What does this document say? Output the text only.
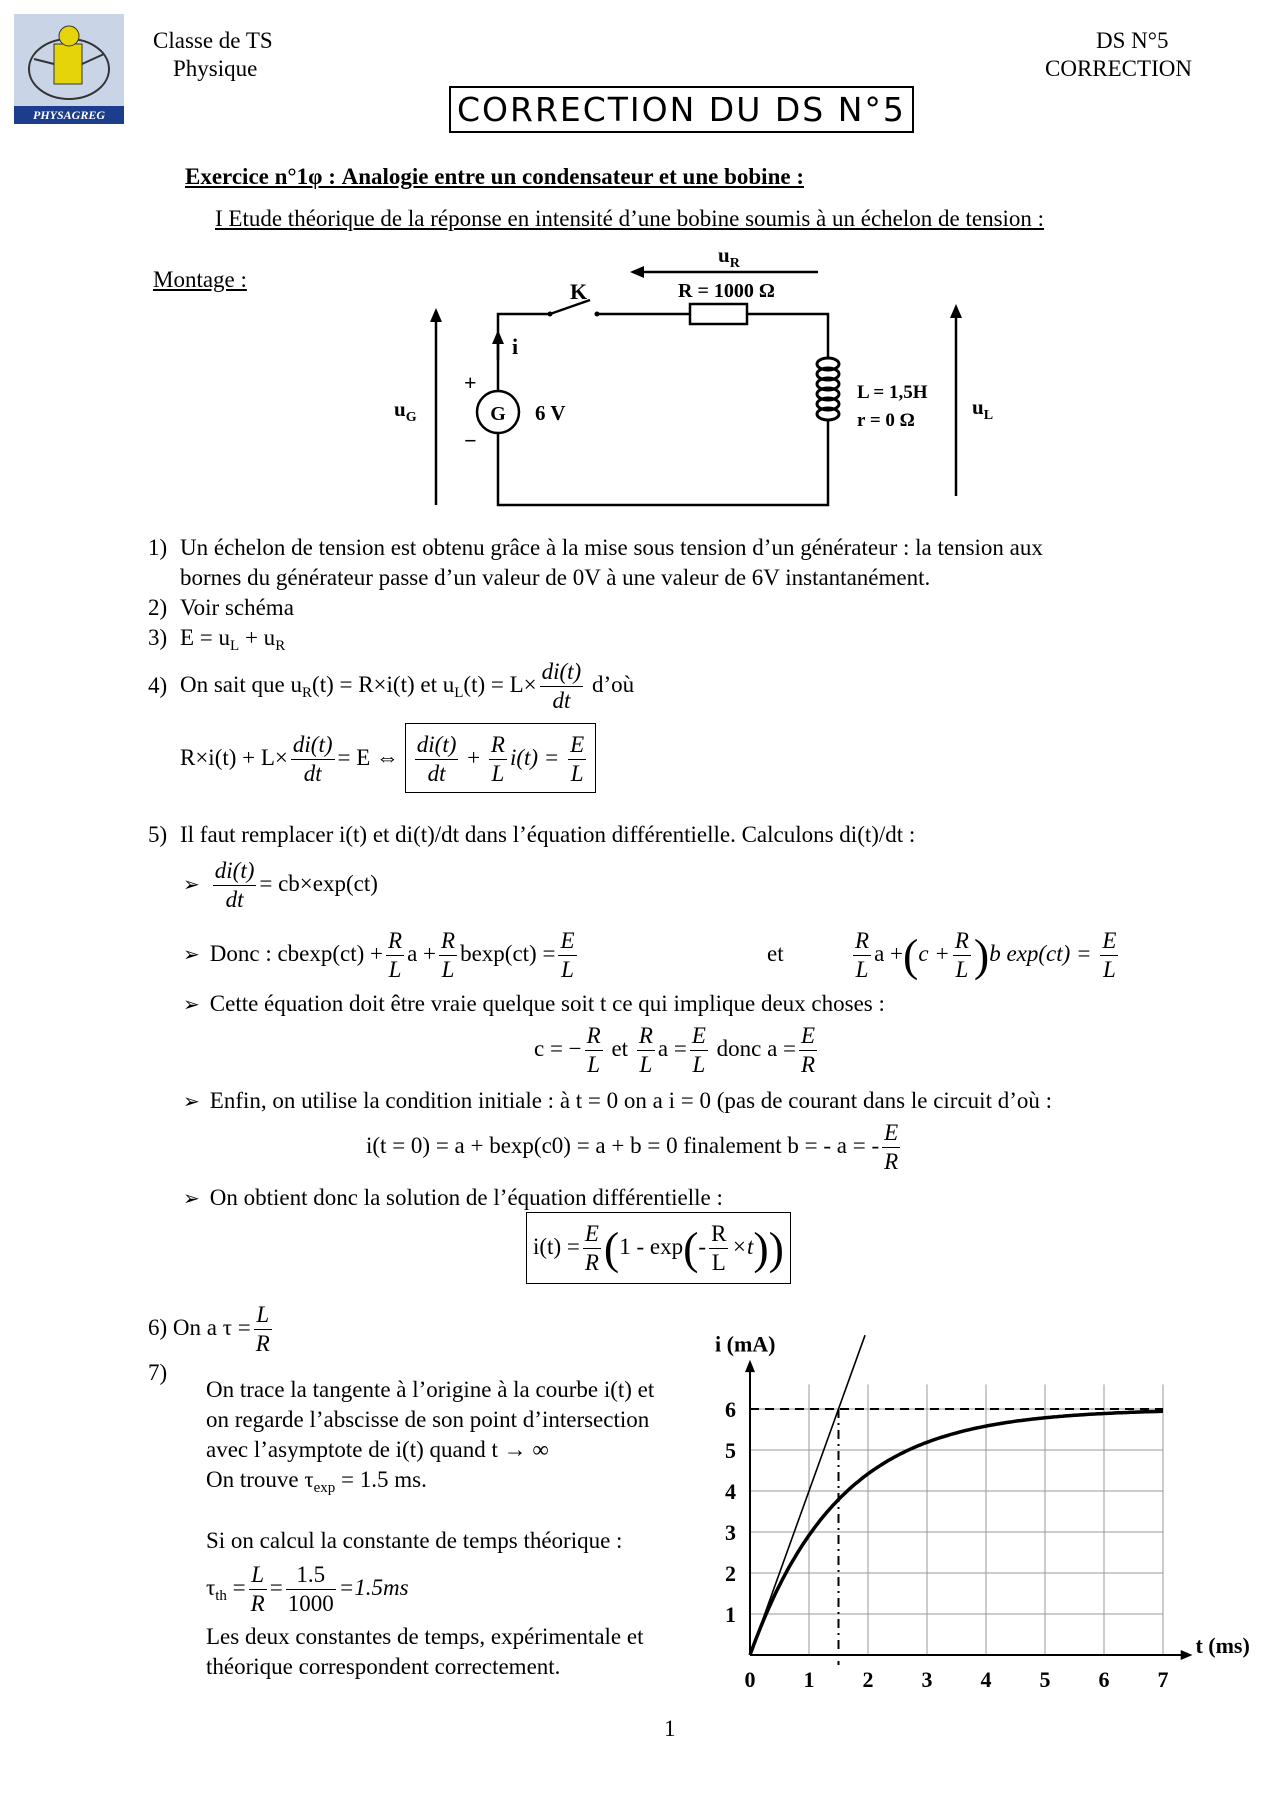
PHYSAGREG
Classe de TS
Physique
DS N°5
CORRECTION
CORRECTION DU DS N°5
Exercice n°1φ : Analogie entre un condensateur et une bobine :
I Etude théorique de la réponse en intensité d’une bobine soumis à un échelon de tension :
Montage :
$u_R$
R = 1000 Ω
K
G 6 V
+
−
i
$u_G$
L = 1,5H
r = 0 Ω
$u_L$
1) Un échelon de tension est obtenu grâce à la mise sous tension d’un générateur : la tension aux
bornes du générateur passe d’un valeur de 0V à une valeur de 6V instantanément.
2) Voir schéma
3) $E = u_L + u_R$
4) On sait que $u_R(t) = R\times i(t)$ et $u_L(t) = L\times \frac{di(t)}{dt}$ d’où
$R\times i(t) + L\times \frac{di(t)}{dt} = E$ ⇔ $\frac{di(t)}{dt} + \frac{R}{L} i(t) = \frac{E}{L}$
5) Il faut remplacer i(t) et di(t)/dt dans l’équation différentielle. Calculons di(t)/dt :
➢ $\frac{di(t)}{dt} = cb\times\exp(ct)$
➢ Donc : $cbexp(ct) + \frac{R}{L}$ $a + \frac{R}{L} bexp(ct) = \frac{E}{L}$	et	$\frac{R}{L}$ $a +(c + \frac{R}{L} )b$ $\exp(ct) = \frac{E}{L}$
➢ Cette équation doit être vraie quelque soit t ce qui implique deux choses :
c = − $\frac{R}{L}$ et $\frac{R}{L}$ $a = \frac{E}{L}$ donc $a = \frac{E}{R}$
➢ Enfin, on utilise la condition initiale : à t = 0 on a i = 0 (pas de courant dans le circuit d’où :
i(t = 0) = a + bexp(c0) = a + b = 0 finalement b = - a = - $\frac{E}{R}$
➢ On obtient donc la solution de l’équation différentielle :
$i(t) = \frac{E}{R} (1 - \exp(- \frac{R}{L} \times t))$
6) On a $\tau = \frac{L}{R}$
7)
On trace la tangente à l’origine à la courbe i(t) et
on regarde l’abscisse de son point d’intersection
avec l’asymptote de i(t) quand t → ∞
On trouve $\tau_{exp} = 1.5$ ms.
Si on calcul la constante de temps théorique :
$\tau_{th} = \frac{L}{R} = \frac{1.5}{1000} =1.5ms$
Les deux constantes de temps, expérimentale et
théorique correspondent correctement.
0 1 2 3 4 5 6 7
1
2
3
4
5
6
i (mA)
t (ms)
1
